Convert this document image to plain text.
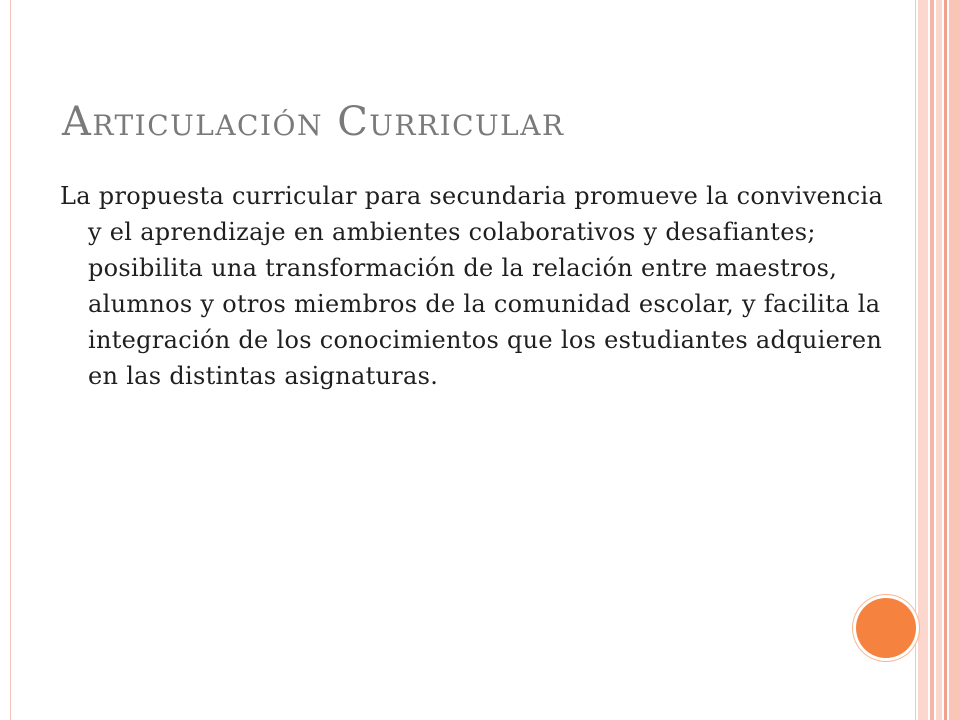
Articulación Curricular

La propuesta curricular para secundaria promueve la convivencia y el aprendizaje en ambientes colaborativos y desafiantes; posibilita una transformación de la relación entre maestros, alumnos y otros miembros de la comunidad escolar, y facilita la integración de los conocimientos que los estudiantes adquieren en las distintas asignaturas.
